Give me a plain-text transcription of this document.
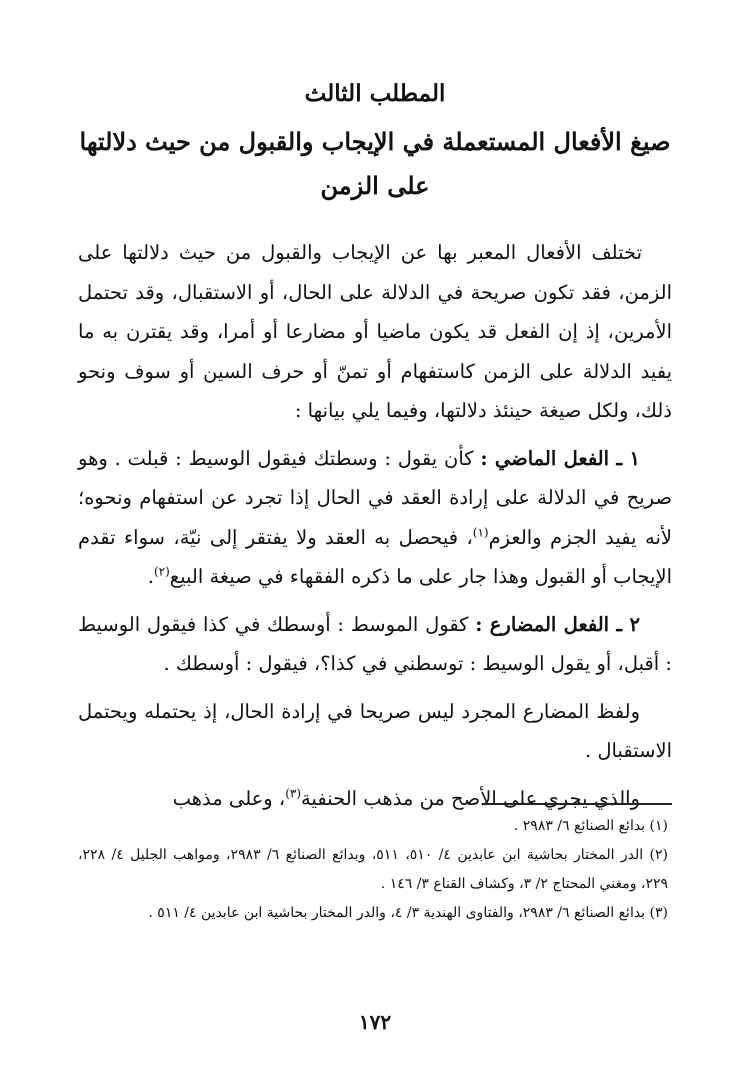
المطلب الثالث
صيغ الأفعال المستعملة في الإيجاب والقبول من حيث دلالتها على الزمن

تختلف الأفعال المعبر بها عن الإيجاب والقبول من حيث دلالتها على الزمن، فقد تكون صريحة في الدلالة على الحال، أو الاستقبال، وقد تحتمل الأمرين، إذ إن الفعل قد يكون ماضيا أو مضارعا أو أمرا، وقد يقترن به ما يفيد الدلالة على الزمن كاستفهام أو تمنّ أو حرف السين أو سوف ونحو ذلك، ولكل صيغة حينئذ دلالتها، وفيما يلي بيانها :

١ ـ الفعل الماضي : كأن يقول : وسطتك فيقول الوسيط : قبلت . وهو صريح في الدلالة على إرادة العقد في الحال إذا تجرد عن استفهام ونحوه؛ لأنه يفيد الجزم والعزم$^{(١)}$، فيحصل به العقد ولا يفتقر إلى نيّة، سواء تقدم الإيجاب أو القبول وهذا جار على ما ذكره الفقهاء في صيغة البيع$^{(٢)}$.

٢ ـ الفعل المضارع : كقول الموسط : أوسطك في كذا فيقول الوسيط : أقبل، أو يقول الوسيط : توسطني في كذا؟، فيقول : أوسطك .

ولفظ المضارع المجرد ليس صريحا في إرادة الحال، إذ يحتمله ويحتمل الاستقبال .

والذي يجري على الأصح من مذهب الحنفية$^{(٣)}$، وعلى مذهب

(١) بدائع الصنائع ٦/ ٢٩٨٣ .
(٢) الدر المختار بحاشية ابن عابدين ٤/ ٥١٠، ٥١١، وبدائع الصنائع ٦/ ٢٩٨٣، ومواهب الجليل ٤/ ٢٢٨، ٢٢٩، ومغني المحتاج ٢/ ٣، وكشاف القناع ٣/ ١٤٦ .
(٣) بدائع الصنائع ٦/ ٢٩٨٣، والفتاوى الهندية ٣/ ٤، والدر المختار بحاشية ابن عابدين ٤/ ٥١١ .
١٧٢
